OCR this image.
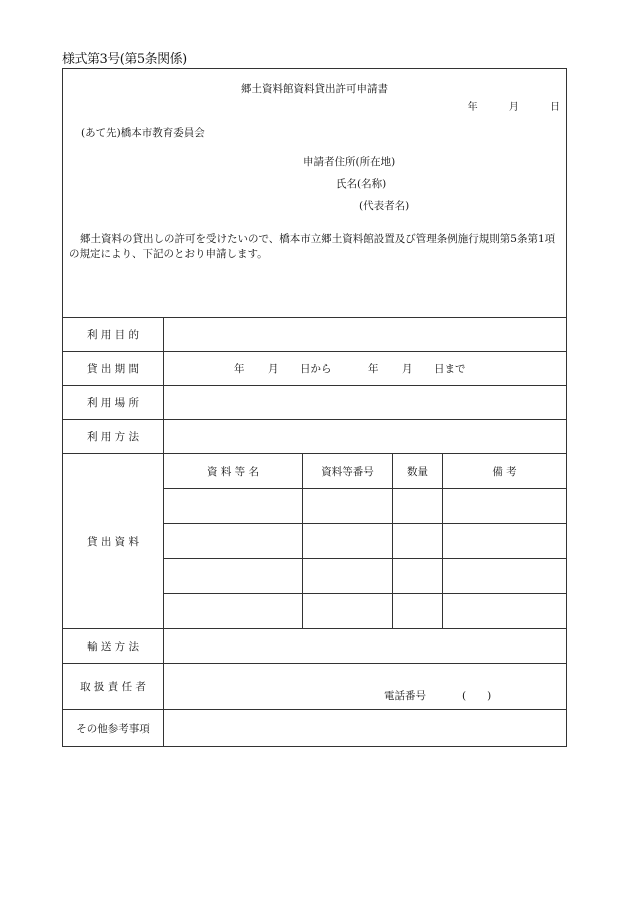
様式第3号(第5条関係)
郷土資料館資料貸出許可申請書
年	月	日
(あて先)橋本市教育委員会
申請者住所(所在地)
氏名(名称)
(代表者名)
郷土資料の貸出しの許可を受けたいので、橋本市立郷土資料館設置及び管理条例施行規則第5条第1項の規定により、下記のとおり申請します。
利 用 目 的
貸 出 期 間	年 月 日から	年 月 日まで
利 用 場 所
利 用 方 法
貸 出 資 料
資 料 等 名	資料等番号	数量	備 考
輸 送 方 法
取 扱 責 任 者
電話番号	(　　)
その他参考事項
